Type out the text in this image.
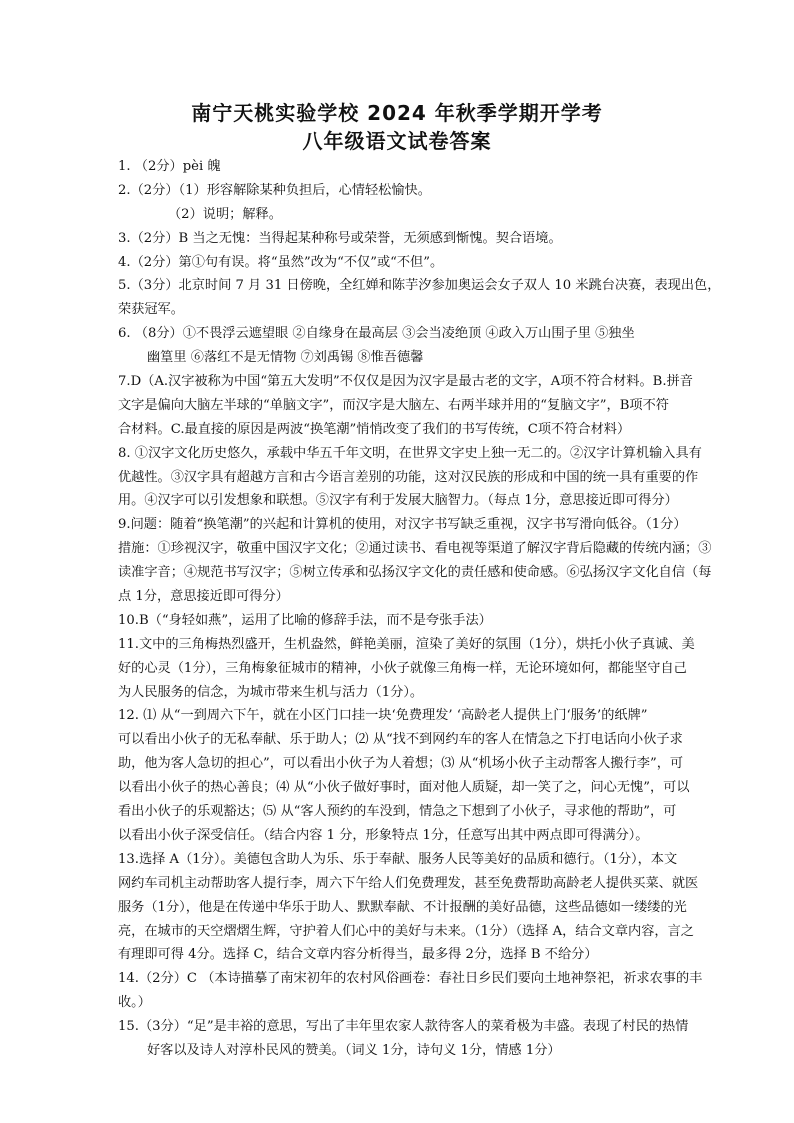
南宁天桃实验学校 2024 年秋季学期开学考
八年级语文试卷答案
1. （2分）pèi 魄
2.（2分）（1）形容解除某种负担后，心情轻松愉快。
（2）说明；解释。
3.（2分）B 当之无愧：当得起某种称号或荣誉，无须感到惭愧。契合语境。
4.（2分）第①句有误。将“虽然”改为“不仅”或“不但”。
5.（3分）北京时间 7 月 31 日傍晚，全红婵和陈芋汐参加奥运会女子双人 10 米跳台决赛，表现出色，
荣获冠军。
6. （8分）①不畏浮云遮望眼 ②自缘身在最高层 ③会当凌绝顶 ④政入万山围子里 ⑤独坐
幽篁里 ⑥落红不是无情物 ⑦刘禹锡 ⑧惟吾德馨
7.D（A.汉字被称为中国“第五大发明”不仅仅是因为汉字是最古老的文字，A项不符合材料。B.拼音
文字是偏向大脑左半球的“单脑文字”，而汉字是大脑左、右两半球并用的“复脑文字”，B项不符
合材料。C.最直接的原因是两波“换笔潮”悄悄改变了我们的书写传统，C项不符合材料）
8. ①汉字文化历史悠久，承载中华五千年文明，在世界文字史上独一无二的。②汉字计算机输入具有
优越性。③汉字具有超越方言和古今语言差别的功能，这对汉民族的形成和中国的统一具有重要的作
用。④汉字可以引发想象和联想。⑤汉字有利于发展大脑智力。（每点 1分，意思接近即可得分）
9.问题：随着“换笔潮”的兴起和计算机的使用，对汉字书写缺乏重视，汉字书写滑向低谷。（1分）
措施：①珍视汉字，敬重中国汉字文化；②通过读书、看电视等渠道了解汉字背后隐藏的传统内涵；③
读准字音；④规范书写汉字；⑤树立传承和弘扬汉字文化的责任感和使命感。⑥弘扬汉字文化自信（每
点 1分，意思接近即可得分）
10.B（“身轻如燕”，运用了比喻的修辞手法，而不是夸张手法）
11.文中的三角梅热烈盛开，生机盎然，鲜艳美丽，渲染了美好的氛围（1分），烘托小伙子真诚、美
好的心灵（1分），三角梅象征城市的精神，小伙子就像三角梅一样，无论环境如何，都能坚守自己
为人民服务的信念，为城市带来生机与活力（1分）。
12. ⑴ 从“一到周六下午，就在小区门口挂一块‘免费理发’ ‘高龄老人提供上门‘服务’的纸牌”
可以看出小伙子的无私奉献、乐于助人；⑵ 从“找不到网约车的客人在情急之下打电话向小伙子求
助，他为客人急切的担心”，可以看出小伙子为人着想；⑶ 从“机场小伙子主动帮客人搬行李”，可
以看出小伙子的热心善良；⑷ 从“小伙子做好事时，面对他人质疑，却一笑了之，问心无愧”，可以
看出小伙子的乐观豁达；⑸ 从“客人预约的车没到，情急之下想到了小伙子，寻求他的帮助”，可
以看出小伙子深受信任。（结合内容 1 分，形象特点 1分，任意写出其中两点即可得满分）。
13.选择 A（1分）。美德包含助人为乐、乐于奉献、服务人民等美好的品质和德行。（1分），本文
网约车司机主动帮助客人提行李，周六下午给人们免费理发，甚至免费帮助高龄老人提供买菜、就医
服务（1分），他是在传递中华乐于助人、默默奉献、不计报酬的美好品德，这些品德如一缕缕的光
亮，在城市的天空熠熠生辉，守护着人们心中的美好与未来。（1分）（选择 A，结合文章内容，言之
有理即可得 4分。选择 C，结合文章内容分析得当，最多得 2分，选择 B 不给分）
14.（2分）C （本诗描摹了南宋初年的农村风俗画卷：春社日乡民们要向土地神祭祀，祈求农事的丰
收。）
15.（3分）“足”是丰裕的意思，写出了丰年里农家人款待客人的菜肴极为丰盛。表现了村民的热情
好客以及诗人对淳朴民风的赞美。（词义 1分，诗句义 1分，情感 1分）
